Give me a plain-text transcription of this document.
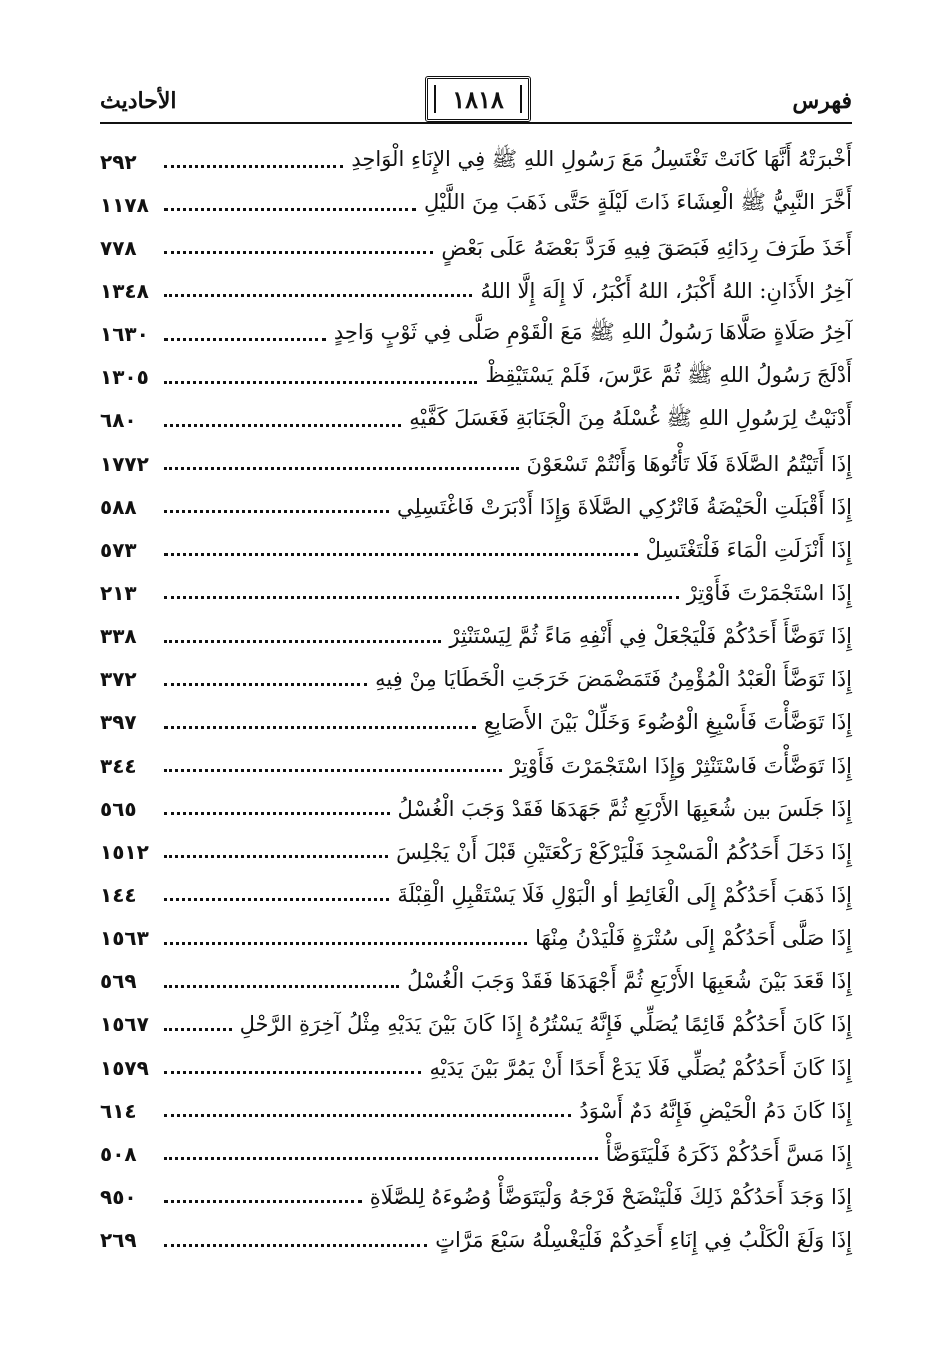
فهرس
١٨١٨
الأحاديث
أَخْبرَتْهُ أَنَّهَا كَانَتْ تَغْتَسِلُ مَعَ رَسُولِ اللهِ ﷺ فِي الإِنَاءِ الْوَاحِدِ
٢٩٢
أَخَّرَ النَّبِيُّ ﷺ الْعِشَاءَ ذَاتَ لَيْلَةٍ حَتَّى ذَهَبَ مِنَ اللَّيْلِ
١١٧٨
أَخَذَ طَرَفَ رِدَائِهِ فَبَصَقَ فِيهِ فَرَدَّ بَعْضَهُ عَلَى بَعْضٍ
٧٧٨
آخِرُ الأَذَانِ: اللهُ أَكْبَرُ، اللهُ أَكْبَرُ، لَا إِلَهَ إِلَّا اللهُ
١٣٤٨
آخِرُ صَلَاةٍ صَلَّاهَا رَسُولُ اللهِ ﷺ مَعَ الْقَوْمِ صَلَّى فِي ثَوْبٍ وَاحِدٍ
١٦٣٠
أَدْلَجَ رَسُولُ اللهِ ﷺ ثُمَّ عَرَّسَ، فَلَمْ يَسْتَيْقِظْ
١٣٠٥
أَدْنَيْتُ لِرَسُولِ اللهِ ﷺ غُسْلَهُ مِنَ الْجَنَابَةِ فَغَسَلَ كَفَّيْهِ
٦٨٠
إِذَا أَتَيْتُمُ الصَّلَاةَ فَلَا تَأْتُوهَا وَأَنْتُمْ تَسْعَوْنَ
١٧٧٢
إِذَا أَقْبَلَتِ الْحَيْضَةُ فَاتْرُكِي الصَّلَاةَ وَإِذَا أَدْبَرَتْ فَاغْتَسِلِي
٥٨٨
إِذَا أَنْزَلَتِ الْمَاءَ فَلْتَغْتَسِلْ
٥٧٣
إِذَا اسْتَجْمَرْتَ فَأَوْتِرْ
٢١٣
إِذَا تَوَضَّأَ أَحَدُكُمْ فَلْيَجْعَلْ فِي أَنْفِهِ مَاءً ثُمَّ لِيَسْتَنْثِرْ
٣٣٨
إِذَا تَوَضَّأَ الْعَبْدُ الْمُؤْمِنُ فَتَمَضْمَضَ خَرَجَتِ الْخَطَايَا مِنْ فِيهِ
٣٧٢
إِذَا تَوَضَّأْتَ فَأَسْبِغِ الْوُضُوءَ وَخَلِّلْ بَيْنَ الأَصَابِعِ
٣٩٧
إِذَا تَوَضَّأْتَ فَاسْتَنْثِرْ وَإِذَا اسْتَجْمَرْتَ فَأَوْتِرْ
٣٤٤
إِذَا جَلَسَ بين شُعَبِهَا الأَرْبَعِ ثُمَّ جَهَدَهَا فَقَدْ وَجَبَ الْغُسْلُ
٥٦٥
إِذَا دَخَلَ أَحَدُكُمُ الْمَسْجِدَ فَلْيَرْكَعْ رَكْعَتَيْنِ قَبْلَ أَنْ يَجْلِسَ
١٥١٢
إِذَا ذَهَبَ أَحَدُكُمْ إِلَى الْغَائِطِ أو الْبَوْلِ فَلَا يَسْتَقْبِلِ الْقِبْلَةَ
١٤٤
إِذَا صَلَّى أَحَدُكُمْ إِلَى سُتْرَةٍ فَلْيَدْنُ مِنْهَا
١٥٦٣
إِذَا قَعَدَ بَيْنَ شُعَبِهَا الأَرْبَعِ ثُمَّ أَجْهَدَهَا فَقَدْ وَجَبَ الْغُسْلُ
٥٦٩
إِذَا كَانَ أَحَدُكُمْ قَائِمًا يُصَلِّي فَإِنَّهُ يَسْتُرُهُ إِذَا كَانَ بَيْنَ يَدَيْهِ مِثْلُ آخِرَةِ الرَّحْلِ
١٥٦٧
إِذَا كَانَ أَحَدُكُمْ يُصَلِّي فَلَا يَدَعْ أَحَدًا أَنْ يَمُرَّ بَيْنَ يَدَيْهِ
١٥٧٩
إِذَا كَانَ دَمُ الْحَيْضِ فَإِنَّهُ دَمٌ أَسْوَدُ
٦١٤
إِذَا مَسَّ أَحَدُكُمْ ذَكَرَهُ فَلْيَتَوَضَّأْ
٥٠٨
إِذَا وَجَدَ أَحَدُكُمْ ذَلِكَ فَلْيَنْضَحْ فَرْجَهُ وَلْيَتَوَضَّأْ وُضُوءَهُ لِلصَّلَاةِ
٩٥٠
إِذَا وَلَغَ الْكَلْبُ فِي إِنَاءِ أَحَدِكُمْ فَلْيَغْسِلْهُ سَبْعَ مَرَّاتٍ
٢٦٩
